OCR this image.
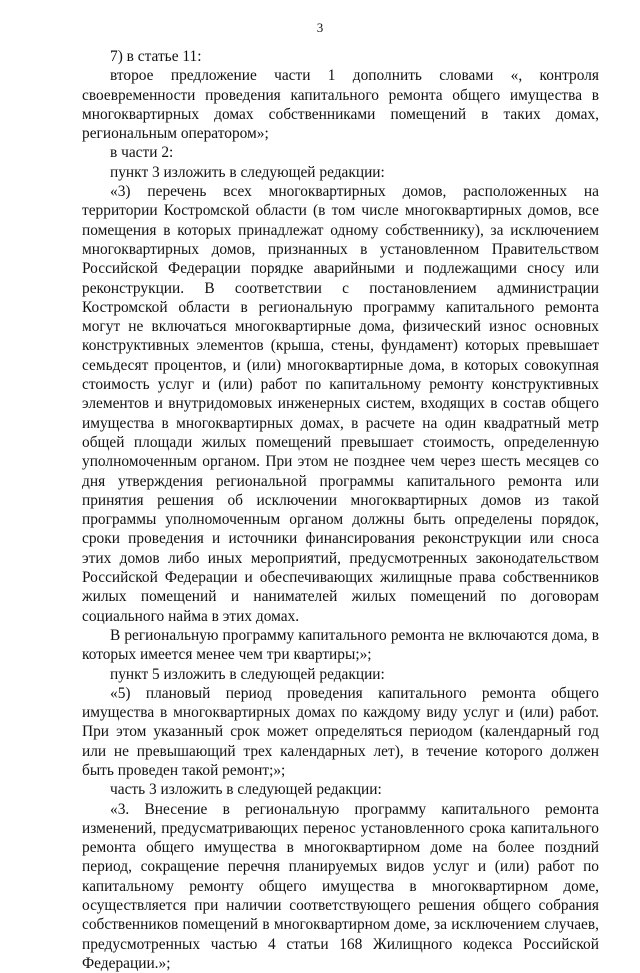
3

7) в статье 11:

второе предложение части 1 дополнить словами «, контроля своевременности проведения капитального ремонта общего имущества в многоквартирных домах собственниками помещений в таких домах, региональным оператором»;

в части 2:

пункт 3 изложить в следующей редакции:

«3) перечень всех многоквартирных домов, расположенных на территории Костромской области (в том числе многоквартирных домов, все помещения в которых принадлежат одному собственнику), за исключением многоквартирных домов, признанных в установленном Правительством Российской Федерации порядке аварийными и подлежащими сносу или реконструкции. В соответствии с постановлением администрации Костромской области в региональную программу капитального ремонта могут не включаться многоквартирные дома, физический износ основных конструктивных элементов (крыша, стены, фундамент) которых превышает семьдесят процентов, и (или) многоквартирные дома, в которых совокупная стоимость услуг и (или) работ по капитальному ремонту конструктивных элементов и внутридомовых инженерных систем, входящих в состав общего имущества в многоквартирных домах, в расчете на один квадратный метр общей площади жилых помещений превышает стоимость, определенную уполномоченным органом. При этом не позднее чем через шесть месяцев со дня утверждения региональной программы капитального ремонта или принятия решения об исключении многоквартирных домов из такой программы уполномоченным органом должны быть определены порядок, сроки проведения и источники финансирования реконструкции или сноса этих домов либо иных мероприятий, предусмотренных законодательством Российской Федерации и обеспечивающих жилищные права собственников жилых помещений и нанимателей жилых помещений по договорам социального найма в этих домах.

В региональную программу капитального ремонта не включаются дома, в которых имеется менее чем три квартиры;»;

пункт 5 изложить в следующей редакции:

«5) плановый период проведения капитального ремонта общего имущества в многоквартирных домах по каждому виду услуг и (или) работ. При этом указанный срок может определяться периодом (календарный год или не превышающий трех календарных лет), в течение которого должен быть проведен такой ремонт;»;

часть 3 изложить в следующей редакции:

«3. Внесение в региональную программу капитального ремонта изменений, предусматривающих перенос установленного срока капитального ремонта общего имущества в многоквартирном доме на более поздний период, сокращение перечня планируемых видов услуг и (или) работ по капитальному ремонту общего имущества в многоквартирном доме, осуществляется при наличии соответствующего решения общего собрания собственников помещений в многоквартирном доме, за исключением случаев, предусмотренных частью 4 статьи 168 Жилищного кодекса Российской Федерации.»;
